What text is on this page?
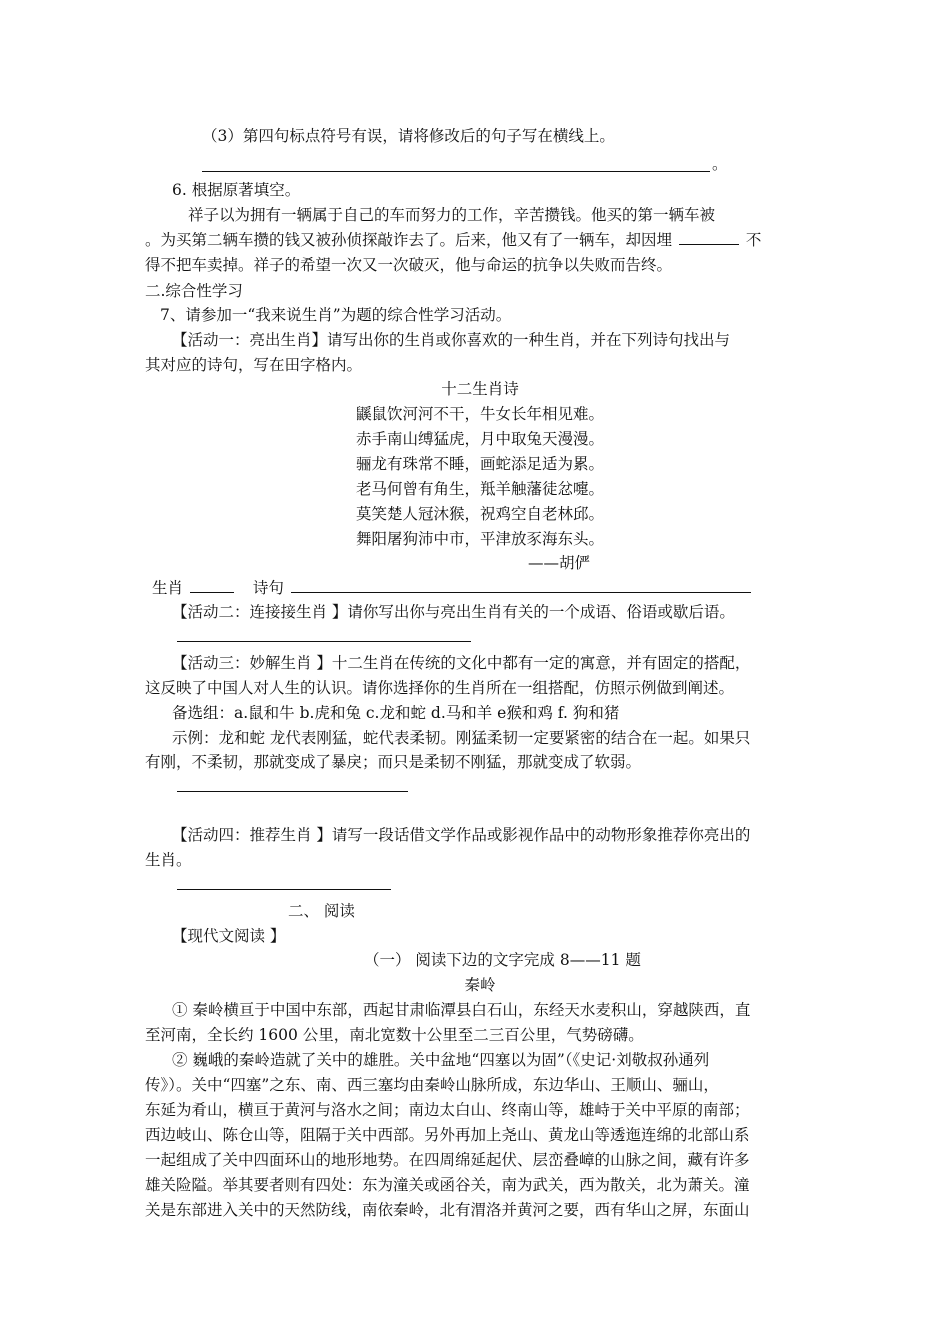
（3）第四句标点符号有误，请将修改后的句子写在横线上。
。
6. 根据原著填空。
祥子以为拥有一辆属于自己的车而努力的工作，辛苦攒钱。他买的第一辆车被
。为买第二辆车攒的钱又被孙侦探敲诈去了。后来，他又有了一辆车，却因埋	不
得不把车卖掉。祥子的希望一次又一次破灭，他与命运的抗争以失败而告终。
二.综合性学习
7、请参加一“我来说生肖”为题的综合性学习活动。
【活动一：亮出生肖】请写出你的生肖或你喜欢的一种生肖，并在下列诗句找出与
其对应的诗句，写在田字格内。
十二生肖诗
鼷鼠饮河河不干，牛女长年相见难。
赤手南山缚猛虎，月中取兔天漫漫。
骊龙有珠常不睡，画蛇添足适为累。
老马何曾有角生，羝羊触藩徒忿嚏。
莫笑楚人冠沐猴，祝鸡空自老林邱。
舞阳屠狗沛中市，平津放豕海东头。
——胡俨
生肖	诗句
【活动二：连接接生肖 】请你写出你与亮出生肖有关的一个成语、俗语或歇后语。
【活动三：妙解生肖 】十二生肖在传统的文化中都有一定的寓意，并有固定的搭配，
这反映了中国人对人生的认识。请你选择你的生肖所在一组搭配，仿照示例做到阐述。
备选组：a.鼠和牛 b.虎和兔 c.龙和蛇 d.马和羊 e猴和鸡 f. 狗和猪
示例：龙和蛇 龙代表刚猛，蛇代表柔韧。刚猛柔韧一定要紧密的结合在一起。如果只
有刚，不柔韧，那就变成了暴戾；而只是柔韧不刚猛，那就变成了软弱。
【活动四：推荐生肖 】请写一段话借文学作品或影视作品中的动物形象推荐你亮出的
生肖。
二、 阅读
【现代文阅读 】
（一） 阅读下边的文字完成 8——11 题
秦岭
① 秦岭横亘于中国中东部，西起甘肃临潭县白石山，东经天水麦积山，穿越陕西，直
至河南，全长约 1600 公里，南北宽数十公里至二三百公里，气势磅礴。
② 巍峨的秦岭造就了关中的雄胜。关中盆地“四塞以为固”（《史记·刘敬叔孙通列
传》）。关中“四塞”之东、南、西三塞均由秦岭山脉所成，东边华山、王顺山、骊山，
东延为肴山，横亘于黄河与洛水之间；南边太白山、终南山等，雄峙于关中平原的南部；
西边岐山、陈仓山等，阻隔于关中西部。另外再加上尧山、黄龙山等透迤连绵的北部山系
一起组成了关中四面环山的地形地势。在四周绵延起伏、层峦叠嶂的山脉之间，藏有许多
雄关险隘。举其要者则有四处：东为潼关或函谷关，南为武关，西为散关，北为萧关。潼
关是东部进入关中的天然防线，南依秦岭，北有渭洛并黄河之要，西有华山之屏，东面山
